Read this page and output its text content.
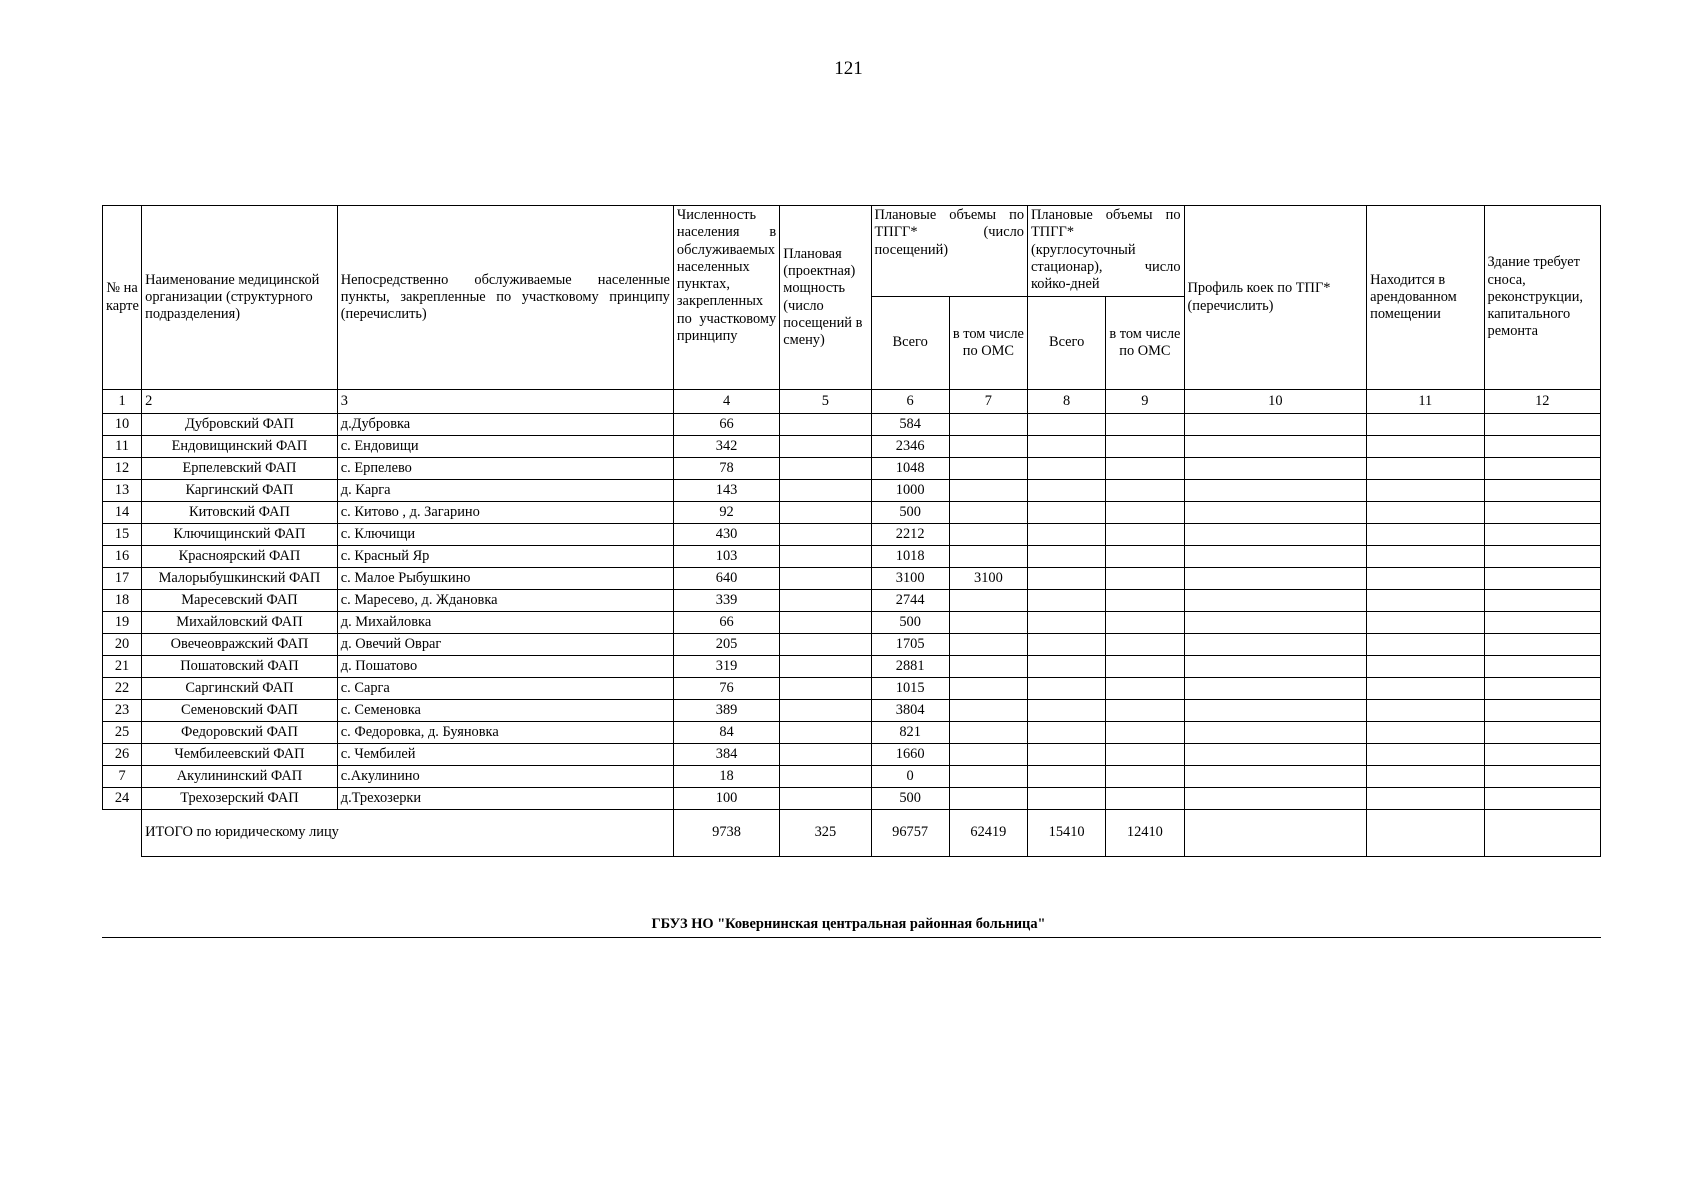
121
№ на карте	Наименование медицинской организации (структурного подразделения)	Непосредственно обслуживаемые населенные пункты, закрепленные по участковому принципу (перечислить)	Численность населения в обслуживаемых населенных пунктах, закрепленных по участковому принципу	Плановая (проектная) мощность (число посещений в смену)	Плановые объемы по ТПГГ* (число посещений)		Плановые объемы по ТПГГ* (круглосуточный стационар), число койко-дней		Профиль коек по ТПГ* (перечислить)	Находится в арендованном помещении	Здание требует сноса, реконструкции, капитального ремонта
					Всего	в том числе по ОМС	Всего	в том числе по ОМС			
1	2	3	4	5	6	7	8	9	10	11	12
10	Дубровский ФАП	д.Дубровка	66		584						
11	Ендовищинский ФАП	с. Ендовищи	342		2346						
12	Ерпелевский ФАП	с. Ерпелево	78		1048						
13	Каргинский ФАП	д. Карга	143		1000						
14	Китовский ФАП	с. Китово , д. Загарино	92		500						
15	Ключищинский ФАП	с. Ключищи	430		2212						
16	Красноярский ФАП	с. Красный Яр	103		1018						
17	Малорыбушкинский ФАП	с. Малое Рыбушкино	640		3100	3100					
18	Маресевский ФАП	с. Маресево, д. Ждановка	339		2744						
19	Михайловский ФАП	д. Михайловка	66		500						
20	Овечеовражский ФАП	д. Овечий Овраг	205		1705						
21	Пошатовский ФАП	д. Пошатово	319		2881						
22	Саргинский ФАП	с. Сарга	76		1015						
23	Семеновский ФАП	с. Семеновка	389		3804						
25	Федоровский ФАП	с. Федоровка, д. Буяновка	84		821						
26	Чембилеевский ФАП	с. Чембилей	384		1660						
7	Акулининский ФАП	с.Акулинино	18		0						
24	Трехозерский ФАП	д.Трехозерки	100		500						
	ИТОГО по юридическому лицу		9738	325	96757	62419	15410	12410			
ГБУЗ НО "Ковернинская центральная районная больница"
